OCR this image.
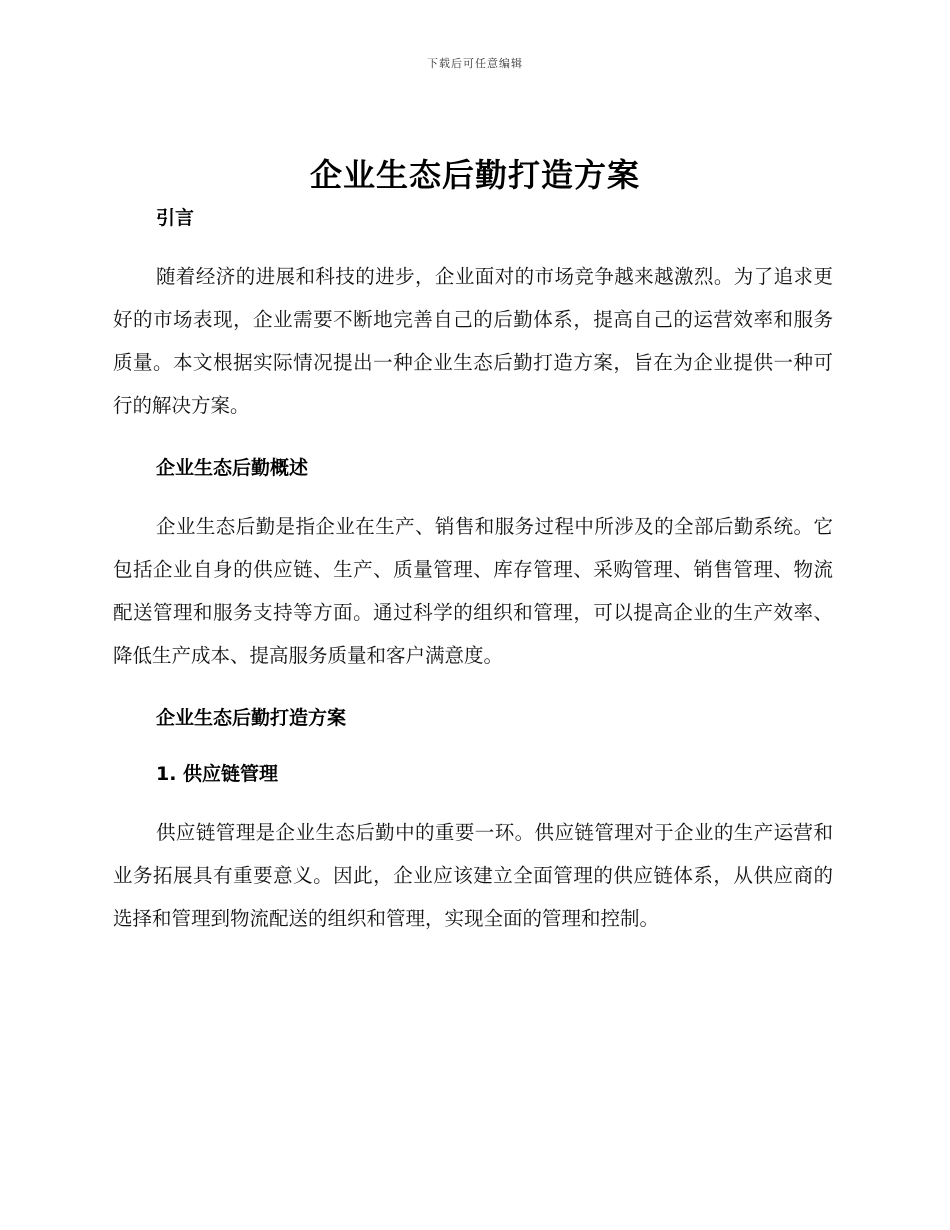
下载后可任意编辑
企业生态后勤打造方案
引言

随着经济的进展和科技的进步，企业面对的市场竞争越来越激烈。为了追求更好的市场表现，企业需要不断地完善自己的后勤体系，提高自己的运营效率和服务质量。本文根据实际情况提出一种企业生态后勤打造方案，旨在为企业提供一种可行的解决方案。

企业生态后勤概述

企业生态后勤是指企业在生产、销售和服务过程中所涉及的全部后勤系统。它包括企业自身的供应链、生产、质量管理、库存管理、采购管理、销售管理、物流配送管理和服务支持等方面。通过科学的组织和管理，可以提高企业的生产效率、降低生产成本、提高服务质量和客户满意度。

企业生态后勤打造方案
1. 供应链管理

供应链管理是企业生态后勤中的重要一环。供应链管理对于企业的生产运营和业务拓展具有重要意义。因此，企业应该建立全面管理的供应链体系，从供应商的选择和管理到物流配送的组织和管理，实现全面的管理和控制。
